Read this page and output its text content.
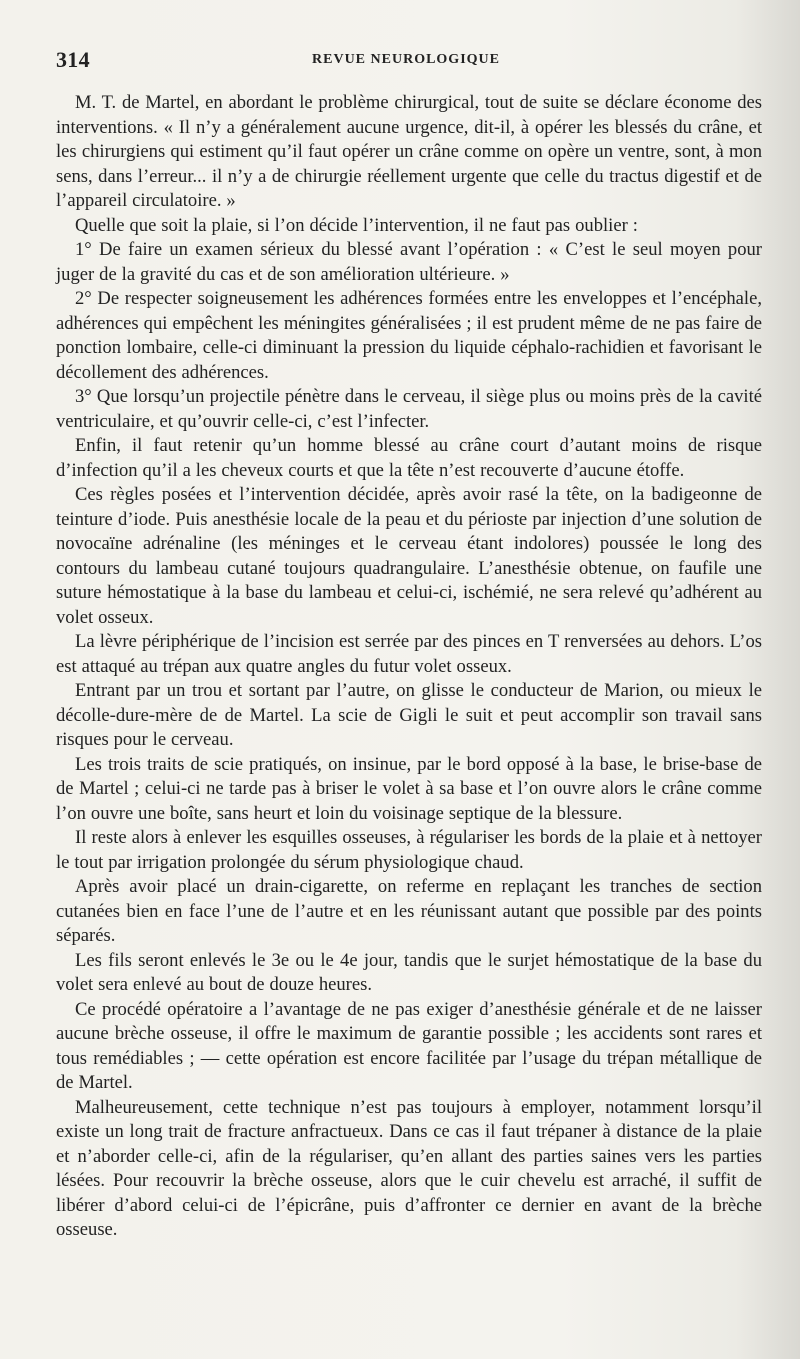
314	REVUE NEUROLOGIQUE

M. T. de Martel, en abordant le problème chirurgical, tout de suite se déclare économe des interventions. « Il n’y a généralement aucune urgence, dit-il, à opérer les blessés du crâne, et les chirurgiens qui estiment qu’il faut opérer un crâne comme on opère un ventre, sont, à mon sens, dans l’erreur... il n’y a de chirurgie réellement urgente que celle du tractus digestif et de l’appareil circulatoire. »

Quelle que soit la plaie, si l’on décide l’intervention, il ne faut pas oublier :

1° De faire un examen sérieux du blessé avant l’opération : « C’est le seul moyen pour juger de la gravité du cas et de son amélioration ultérieure. »

2° De respecter soigneusement les adhérences formées entre les enveloppes et l’encéphale, adhérences qui empêchent les méningites généralisées ; il est prudent même de ne pas faire de ponction lombaire, celle-ci diminuant la pression du liquide céphalo-rachidien et favorisant le décollement des adhérences.

3° Que lorsqu’un projectile pénètre dans le cerveau, il siège plus ou moins près de la cavité ventriculaire, et qu’ouvrir celle-ci, c’est l’infecter.

Enfin, il faut retenir qu’un homme blessé au crâne court d’autant moins de risque d’infection qu’il a les cheveux courts et que la tête n’est recouverte d’aucune étoffe.

Ces règles posées et l’intervention décidée, après avoir rasé la tête, on la badigeonne de teinture d’iode. Puis anesthésie locale de la peau et du périoste par injection d’une solution de novocaïne adrénaline (les méninges et le cerveau étant indolores) poussée le long des contours du lambeau cutané toujours quadrangulaire. L’anesthésie obtenue, on faufile une suture hémostatique à la base du lambeau et celui-ci, ischémié, ne sera relevé qu’adhérent au volet osseux.

La lèvre périphérique de l’incision est serrée par des pinces en T renversées au dehors. L’os est attaqué au trépan aux quatre angles du futur volet osseux.

Entrant par un trou et sortant par l’autre, on glisse le conducteur de Marion, ou mieux le décolle-dure-mère de de Martel. La scie de Gigli le suit et peut accomplir son travail sans risques pour le cerveau.

Les trois traits de scie pratiqués, on insinue, par le bord opposé à la base, le brise-base de de Martel ; celui-ci ne tarde pas à briser le volet à sa base et l’on ouvre alors le crâne comme l’on ouvre une boîte, sans heurt et loin du voisinage septique de la blessure.

Il reste alors à enlever les esquilles osseuses, à régulariser les bords de la plaie et à nettoyer le tout par irrigation prolongée du sérum physiologique chaud.

Après avoir placé un drain-cigarette, on referme en replaçant les tranches de section cutanées bien en face l’une de l’autre et en les réunissant autant que possible par des points séparés.

Les fils seront enlevés le 3e ou le 4e jour, tandis que le surjet hémostatique de la base du volet sera enlevé au bout de douze heures.

Ce procédé opératoire a l’avantage de ne pas exiger d’anesthésie générale et de ne laisser aucune brèche osseuse, il offre le maximum de garantie possible ; les accidents sont rares et tous remédiables ; — cette opération est encore facilitée par l’usage du trépan métallique de de Martel.

Malheureusement, cette technique n’est pas toujours à employer, notamment lorsqu’il existe un long trait de fracture anfractueux. Dans ce cas il faut trépaner à distance de la plaie et n’aborder celle-ci, afin de la régulariser, qu’en allant des parties saines vers les parties lésées. Pour recouvrir la brèche osseuse, alors que le cuir chevelu est arraché, il suffit de libérer d’abord celui-ci de l’épicrâne, puis d’affronter ce dernier en avant de la brèche osseuse.
